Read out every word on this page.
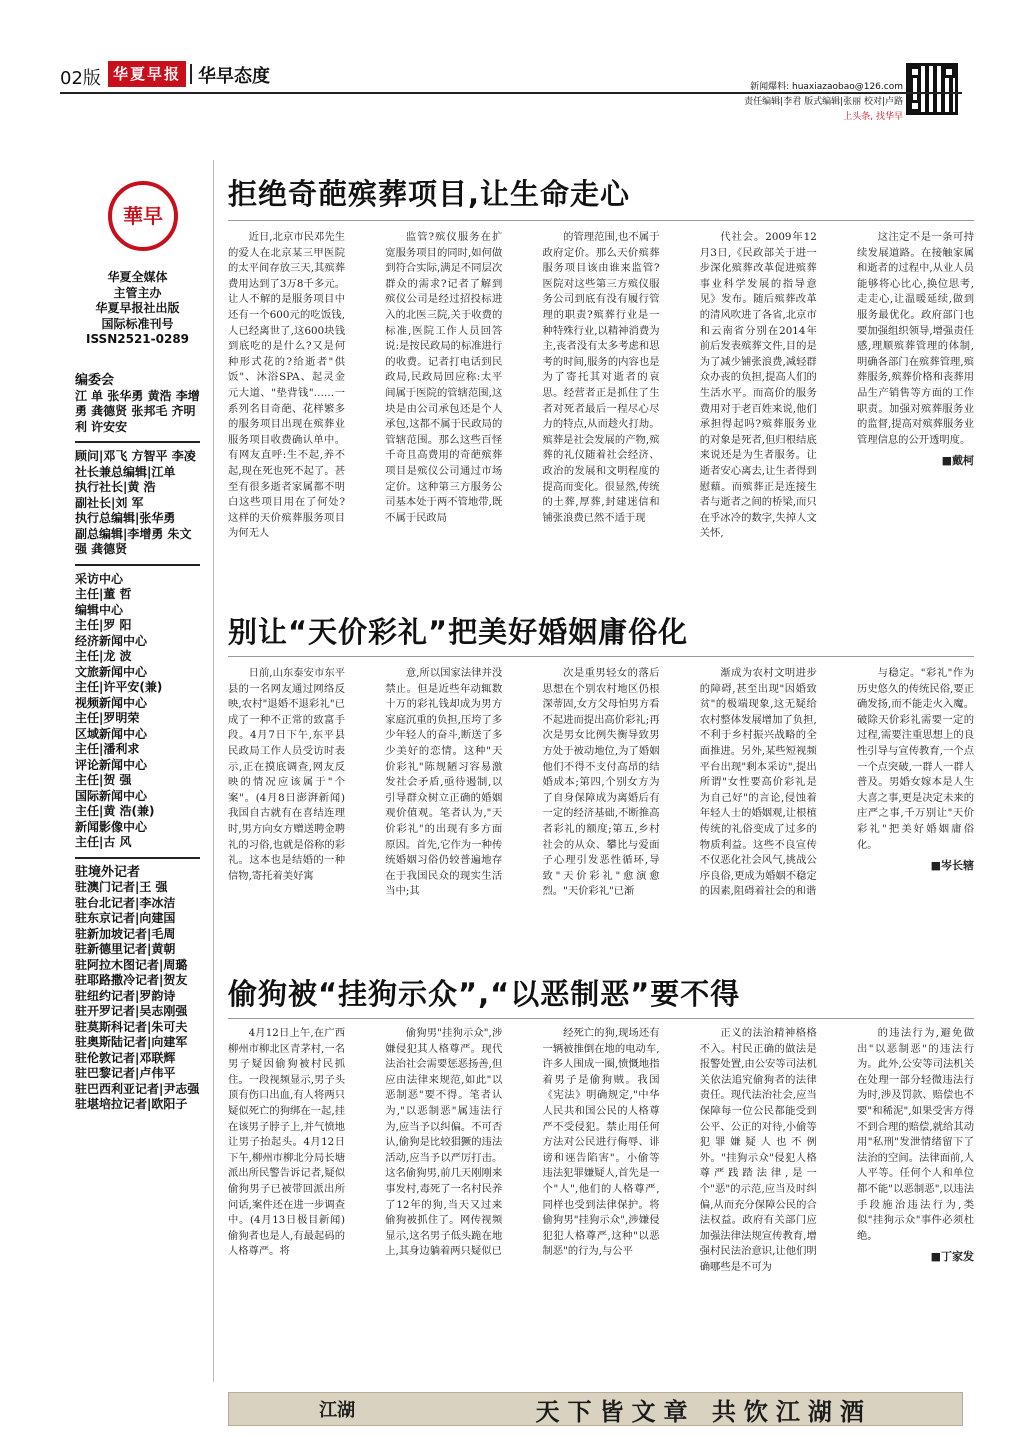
02版 华夏早报 华早态度	新闻爆料: huaxiazaobao@126.com
责任编辑|李君 版式编辑|张丽 校对|卢路
上头条, 找华早
華早
华夏全媒体
主管主办
华夏早报社出版
国际标准刊号
ISSN2521-0289
编委会
江 单 张华勇 黄浩 李增勇 龚德贤 张邦毛 齐明利 许安安
顾问|邓飞 方智平 李凌
社长兼总编辑|江单
执行社长|黄 浩
副社长|刘 军
执行总编辑|张华勇
副总编辑|李增勇 朱文强 龚德贤
采访中心
主任|董 哲
编辑中心
主任|罗 阳
经济新闻中心
主任|龙 波
文旅新闻中心
主任|许平安(兼)
视频新闻中心
主任|罗明荣
区域新闻中心
主任|潘利求
评论新闻中心
主任|贺 强
国际新闻中心
主任|黄 浩(兼)
新闻影像中心
主任|古 风
驻境外记者
驻澳门记者|王 强
驻台北记者|李冰洁
驻东京记者|向建国
驻新加坡记者|毛周
驻新德里记者|黄朝
驻阿拉木图记者|周璐
驻耶路撒冷记者|贺友
驻纽约记者|罗韵诗
驻开罗记者|吴志刚强
驻莫斯科记者|朱可夫
驻奥斯陆记者|向建军
驻伦敦记者|邓联辉
驻巴黎记者|卢伟平
驻巴西利亚记者|尹志强
驻堪培拉记者|欧阳子
拒绝奇葩殡葬项目,让生命走心

近日,北京市民邓先生的爱人在北京某三甲医院的太平间存放三天,其殡葬费用达到了3万8千多元。让人不解的是服务项目中还有一个600元的吃饭钱,人已经离世了,这600块钱到底吃的是什么?又是何种形式花的?给逝者"供饭"、沐浴SPA、起灵金元大道、"垫背钱"……一系列名目奇葩、花样繁多的服务项目出现在殡葬业服务项目收费确认单中。有网友直呼:生不起,养不起,现在死也死不起了。甚至有很多逝者家属都不明白这些项目用在了何处?这样的天价殡葬服务项目为何无人

监管?殡仪服务在扩宽服务项目的同时,如何做到符合实际,满足不同层次群众的需求?记者了解到殡仪公司是经过招投标进入的北医三院,关于收费的标准,医院工作人员回答说:是按民政局的标准进行的收费。记者打电话到民政局,民政局回应称:太平间属于医院的管辖范围,这块是由公司承包还是个人承包,这都不属于民政局的管辖范围。那么这些百怪千奇且高费用的奇葩殡葬项目是殡仪公司通过市场定价。这种第三方服务公司基本处于两不管地带,既不属于民政局

的管理范围,也不属于政府定价。那么天价殡葬服务项目该由谁来监管?医院对这些第三方殡仪服务公司到底有没有履行管理的职责?殡葬行业是一种特殊行业,以精神消费为主,丧者没有太多考虑和思考的时间,服务的内容也是为了寄托其对逝者的哀思。经营者正是抓住了生者对死者最后一程尽心尽力的特点,从而趁火打劫。殡葬是社会发展的产物,殡葬的礼仪随着社会经济、政治的发展和文明程度的提高而变化。很显然,传统的土葬,厚葬,封建迷信和铺张浪费已然不适于现

代社会。2009年12月3日,《民政部关于进一步深化殡葬改革促进殡葬事业科学发展的指导意见》发布。随后殡葬改革的清风吹进了各省,北京市和云南省分别在2014年前后发表殡葬文件,目的是为了减少铺张浪费,减轻群众办丧的负担,提高人们的生活水平。而高价的服务费用对于老百姓来说,他们承担得起吗?殡葬服务业的对象是死者,但归根结底来说还是为生者服务。让逝者安心离去,让生者得到慰藉。而殡葬正是连接生者与逝者之间的桥梁,而只在乎冰冷的数字,失掉人文关怀,

这注定不是一条可持续发展道路。在接触家属和逝者的过程中,从业人员能够将心比心,换位思考,走走心,让温暖延续,做到服务最优化。政府部门也要加强组织领导,增强责任感,理顺殡葬管理的体制,明确各部门在殡葬管理,殡葬服务,殡葬价格和丧葬用品生产销售等方面的工作职责。加强对殡葬服务业的监督,提高对殡葬服务业管理信息的公开透明度。

■戴柯
别让“天价彩礼”把美好婚姻庸俗化

日前,山东泰安市东平县的一名网友通过网络反映,农村"退婚不退彩礼"已成了一种不正常的致富手段。4月7日下午,东平县民政局工作人员受访时表示,正在摸底调查,网友反映的情况应该属于"个案"。(4月8日澎湃新闻)我国自古就有在喜结连理时,男方向女方赠送聘金聘礼的习俗,也就是俗称的彩礼。这本也是结婚的一种信物,寄托着美好寓

意,所以国家法律并没禁止。但是近些年动辄数十万的彩礼钱却成为男方家庭沉重的负担,压垮了多少年轻人的奋斗,断送了多少美好的恋情。这种"天价彩礼"陈规陋习容易激发社会矛盾,亟待遏制,以引导群众树立正确的婚姻观价值观。笔者认为,"天价彩礼"的出现有多方面原因。首先,它作为一种传统婚姻习俗仍较普遍地存在于我国民众的现实生活当中;其

次是重男轻女的落后思想在个别农村地区仍根深蒂固,女方父母怕男方看不起进而提出高价彩礼;再次是男女比例失衡导致男方处于被动地位,为了婚姻他们不得不支付高昂的结婚成本;第四,个别女方为了自身保障成为离婚后有一定的经济基础,不断推高者彩礼的额度;第五,乡村社会的从众、攀比与爱面子心理引发恶性循环,导致"天价彩礼"愈演愈烈。"天价彩礼"已渐

渐成为农村文明进步的障碍,甚至出现"因婚致贫"的极端现象,这无疑给农村整体发展增加了负担,不利于乡村振兴战略的全面推进。另外,某些短视频平台出现"剩本采访",提出所谓"女性要高价彩礼是为自己好"的言论,侵蚀着年轻人士的婚姻观,让根植传统的礼俗变成了过多的物质利益。这些不良宣传不仅恶化社会风气,挑战公序良俗,更成为婚姻不稳定的因素,阻碍着社会的和谐

与稳定。"彩礼"作为历史悠久的传统民俗,要正确发扬,而不能走火入魔。破除天价彩礼需要一定的过程,需要注重思想上的良性引导与宣传教育,一个点一个点突破,一群人一群人普及。男婚女嫁本是人生大喜之事,更是决定未来的庄严之事,千万别让"天价彩礼"把美好婚姻庸俗化。

■岑长辖
偷狗被“挂狗示众”,“以恶制恶”要不得

4月12日上午,在广西柳州市柳北区青茅村,一名男子疑因偷狗被村民抓住。一段视频显示,男子头顶有伤口出血,有人将两只疑似死亡的狗绑在一起,挂在该男子脖子上,并气愤地让男子抬起头。4月12日下午,柳州市柳北分局长塘派出所民警告诉记者,疑似偷狗男子已被带回派出所问话,案件还在进一步调查中。(4月13日极目新闻)偷狗者也是人,有最起码的人格尊严。将

偷狗男"挂狗示众",涉嫌侵犯其人格尊严。现代法治社会需要惩恶扬善,但应由法律来规范,如此"以恶制恶"要不得。笔者认为,"以恶制恶"属违法行为,应当予以纠偏。不可否认,偷狗是比较猖獗的违法活动,应当予以严厉打击。这名偷狗男,前几天刚刚来事发村,毒死了一名村民养了12年的狗,当天又过来偷狗被抓住了。网传视频显示,这名男子低头跪在地上,其身边躺着两只疑似已

经死亡的狗,现场还有一辆被推倒在地的电动车,许多人围成一圈,愤慨地指着男子是偷狗贼。我国《宪法》明确规定,"中华人民共和国公民的人格尊严不受侵犯。禁止用任何方法对公民进行侮辱、诽谤和诬告陷害"。小偷等违法犯罪嫌疑人,首先是一个"人",他们的人格尊严,同样也受到法律保护。将偷狗男"挂狗示众",涉嫌侵犯犯人格尊严,这种"以恶制恶"的行为,与公平

正义的法治精神格格不入。村民正确的做法是报警处置,由公安等司法机关依法追究偷狗者的法律责任。现代法治社会,应当保障每一位公民都能受到公平、公正的对待,小偷等犯罪嫌疑人也不例外。"挂狗示众"侵犯人格尊严践踏法律,是一个"恶"的示范,应当及时纠偏,从而充分保障公民的合法权益。政府有关部门应加强法律法规宣传教育,增强村民法治意识,让他们明确哪些是不可为

的违法行为,避免做出"以恶制恶"的违法行为。此外,公安等司法机关在处理一部分轻微违法行为时,涉及罚款、赔偿也不要"和稀泥",如果受害方得不到合理的赔偿,就给其动用"私刑"发泄情绪留下了法治的空间。法律面前,人人平等。任何个人和单位都不能"以恶制恶",以违法手段施治违法行为,类似"挂狗示众"事件必须杜绝。

■丁家发
江湖	天下皆文章 共饮江湖酒
